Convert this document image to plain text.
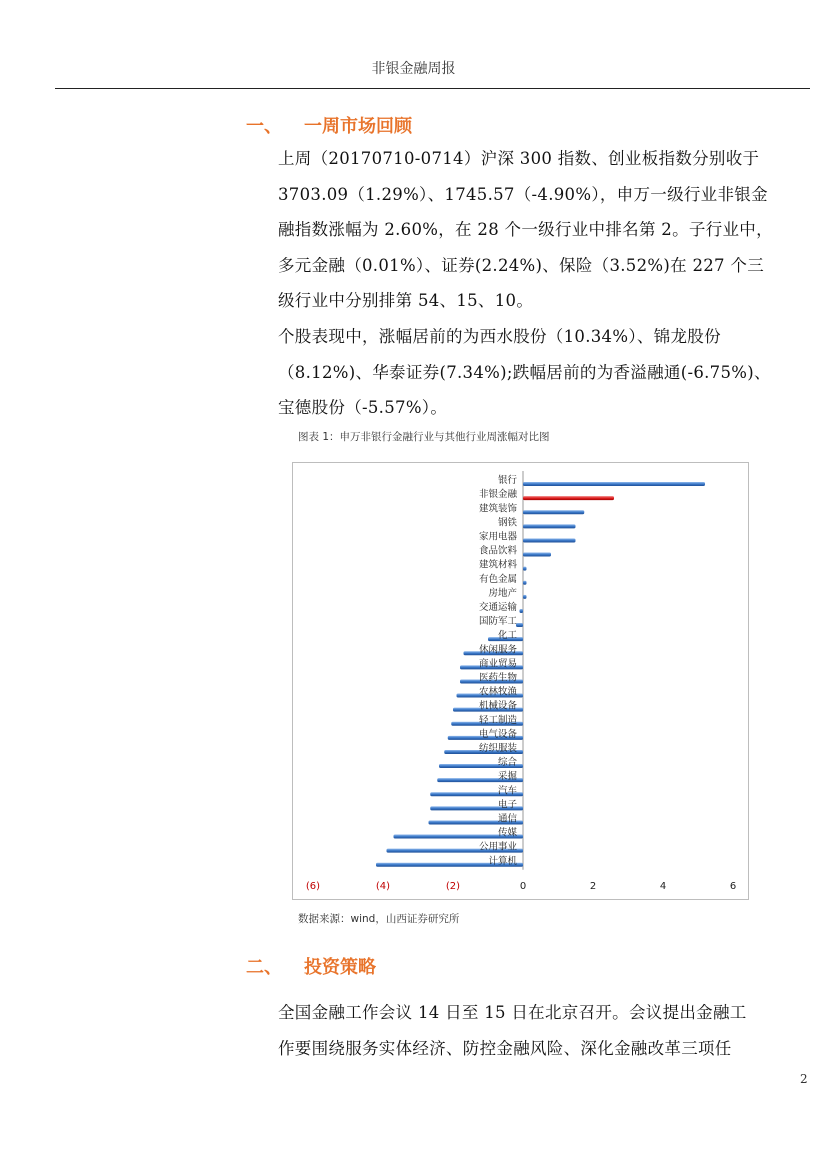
非银金融周报
一、 一周市场回顾
上周（20170710-0714）沪深 300 指数、创业板指数分别收于
3703.09（1.29%）、1745.57（-4.90%），申万一级行业非银金
融指数涨幅为 2.60%，在 28 个一级行业中排名第 2。子行业中，
多元金融（0.01%）、证券(2.24%)、保险（3.52%)在 227 个三
级行业中分别排第 54、15、10。
个股表现中，涨幅居前的为西水股份（10.34%）、锦龙股份
（8.12%)、华泰证券(7.34%);跌幅居前的为香溢融通(-6.75%)、
宝德股份（-5.57%）。
图表 1：申万非银行金融行业与其他行业周涨幅对比图
银行
非银金融
建筑装饰
钢铁
家用电器
食品饮料
建筑材料
有色金属
房地产
交通运输
国防军工
化工
休闲服务
商业贸易
医药生物
农林牧渔
机械设备
轻工制造
电气设备
纺织服装
综合
采掘
汽车
电子
通信
传媒
公用事业
计算机
(6)	(4)	(2)	0	2	4	6
数据来源：wind，山西证券研究所
二、 投资策略
全国金融工作会议 14 日至 15 日在北京召开。会议提出金融工
作要围绕服务实体经济、防控金融风险、深化金融改革三项任
2
